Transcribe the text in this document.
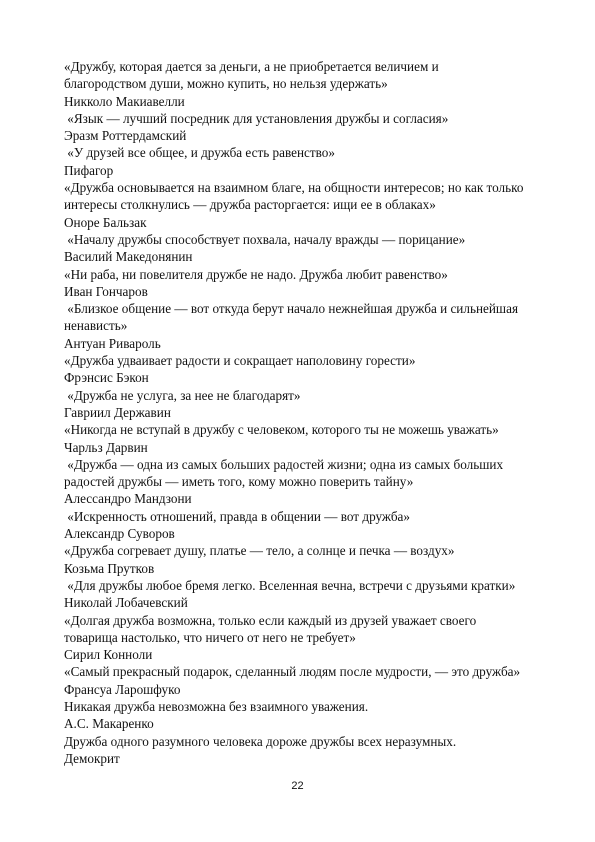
«Дружбу, которая дается за деньги, а не приобретается величием и

благородством души, можно купить, но нельзя удержать»

Никколо Макиавелли

«Язык — лучший посредник для установления дружбы и согласия»

Эразм Роттердамский

«У друзей все общее, и дружба есть равенство»

Пифагор

«Дружба основывается на взаимном благе, на общности интересов; но как только

интересы столкнулись — дружба расторгается: ищи ее в облаках»

Оноре Бальзак

«Началу дружбы способствует похвала, началу вражды — порицание»

Василий Македонянин

«Ни раба, ни повелителя дружбе не надо. Дружба любит равенство»

Иван Гончаров

«Близкое общение — вот откуда берут начало нежнейшая дружба и сильнейшая

ненависть»

Антуан Ривароль

«Дружба удваивает радости и сокращает наполовину горести»

Фрэнсис Бэкон

«Дружба не услуга, за нее не благодарят»

Гавриил Державин

«Никогда не вступай в дружбу с человеком, которого ты не можешь уважать»

Чарльз Дарвин

«Дружба — одна из самых больших радостей жизни; одна из самых больших

радостей дружбы — иметь того, кому можно поверить тайну»

Алессандро Мандзони

«Искренность отношений, правда в общении — вот дружба»

Александр Суворов

«Дружба согревает душу, платье — тело, а солнце и печка — воздух»

Козьма Прутков

«Для дружбы любое бремя легко. Вселенная вечна, встречи с друзьями кратки»

Николай Лобачевский

«Долгая дружба возможна, только если каждый из друзей уважает своего

товарища настолько, что ничего от него не требует»

Сирил Конноли

«Самый прекрасный подарок, сделанный людям после мудрости, — это дружба»

Франсуа Ларошфуко

Никакая дружба невозможна без взаимного уважения.

А.С. Макаренко

Дружба одного разумного человека дороже дружбы всех неразумных.

Демокрит

22
